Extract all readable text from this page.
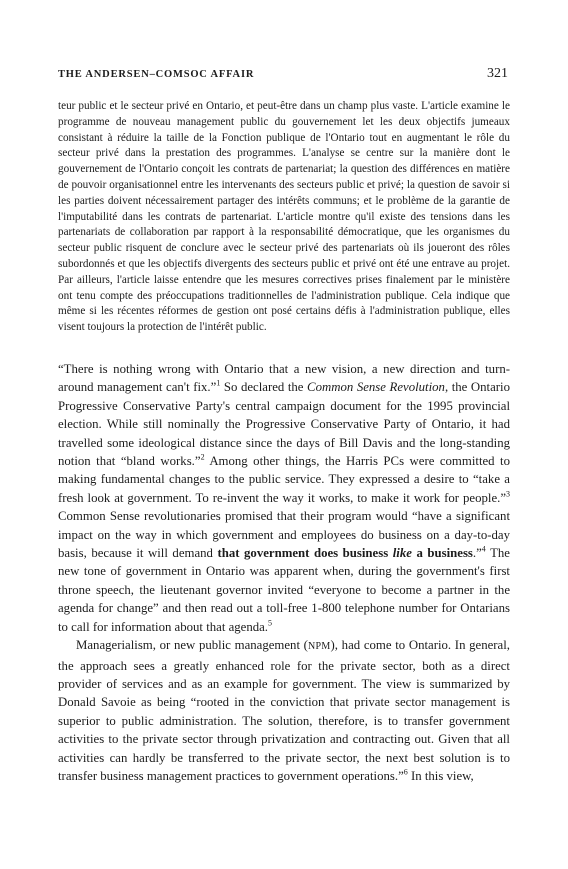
THE ANDERSEN–COMSOC AFFAIR	321

teur public et le secteur privé en Ontario, et peut-être dans un champ plus vaste. L'article examine le programme de nouveau management public du gouvernement let les deux objectifs jumeaux consistant à réduire la taille de la Fonction publique de l'Ontario tout en augmentant le rôle du secteur privé dans la prestation des programmes. L'analyse se centre sur la manière dont le gouvernement de l'Ontario conçoit les contrats de partenariat; la question des différences en matière de pouvoir organisationnel entre les intervenants des secteurs public et privé; la question de savoir si les parties doivent nécessairement partager des intérêts communs; et le problème de la garantie de l'imputabilité dans les contrats de partenariat. L'article montre qu'il existe des tensions dans les partenariats de collaboration par rapport à la responsabilité démocratique, que les organismes du secteur public risquent de conclure avec le secteur privé des partenariats où ils joueront des rôles subordonnés et que les objectifs divergents des secteurs public et privé ont été une entrave au projet. Par ailleurs, l'article laisse entendre que les mesures correctives prises finalement par le ministère ont tenu compte des préoccupations traditionnelles de l'administration publique. Cela indique que même si les récentes réformes de gestion ont posé certains défis à l'administration publique, elles visent toujours la protection de l'intérêt public.

“There is nothing wrong with Ontario that a new vision, a new direction and turn-around management can't fix.”$^1$ So declared the Common Sense Revolution, the Ontario Progressive Conservative Party's central campaign document for the 1995 provincial election. While still nominally the Progressive Conservative Party of Ontario, it had travelled some ideological distance since the days of Bill Davis and the long-standing notion that “bland works.”$^2$ Among other things, the Harris PCs were committed to making fundamental changes to the public service. They expressed a desire to “take a fresh look at government. To re-invent the way it works, to make it work for people.”$^3$ Common Sense revolutionaries promised that their program would “have a significant impact on the way in which government and employees do business on a day-to-day basis, because it will demand that government does business like a business.”$^4$ The new tone of government in Ontario was apparent when, during the government's first throne speech, the lieutenant governor invited “everyone to become a partner in the agenda for change” and then read out a toll-free 1-800 telephone number for Ontarians to call for information about that agenda.$^5$

Managerialism, or new public management (NPM), had come to Ontario. In general, the approach sees a greatly enhanced role for the private sector, both as a direct provider of services and as an example for government. The view is summarized by Donald Savoie as being “rooted in the conviction that private sector management is superior to public administration. The solution, therefore, is to transfer government activities to the private sector through privatization and contracting out. Given that all activities can hardly be transferred to the private sector, the next best solution is to transfer business management practices to government operations.”$^6$ In this view,
